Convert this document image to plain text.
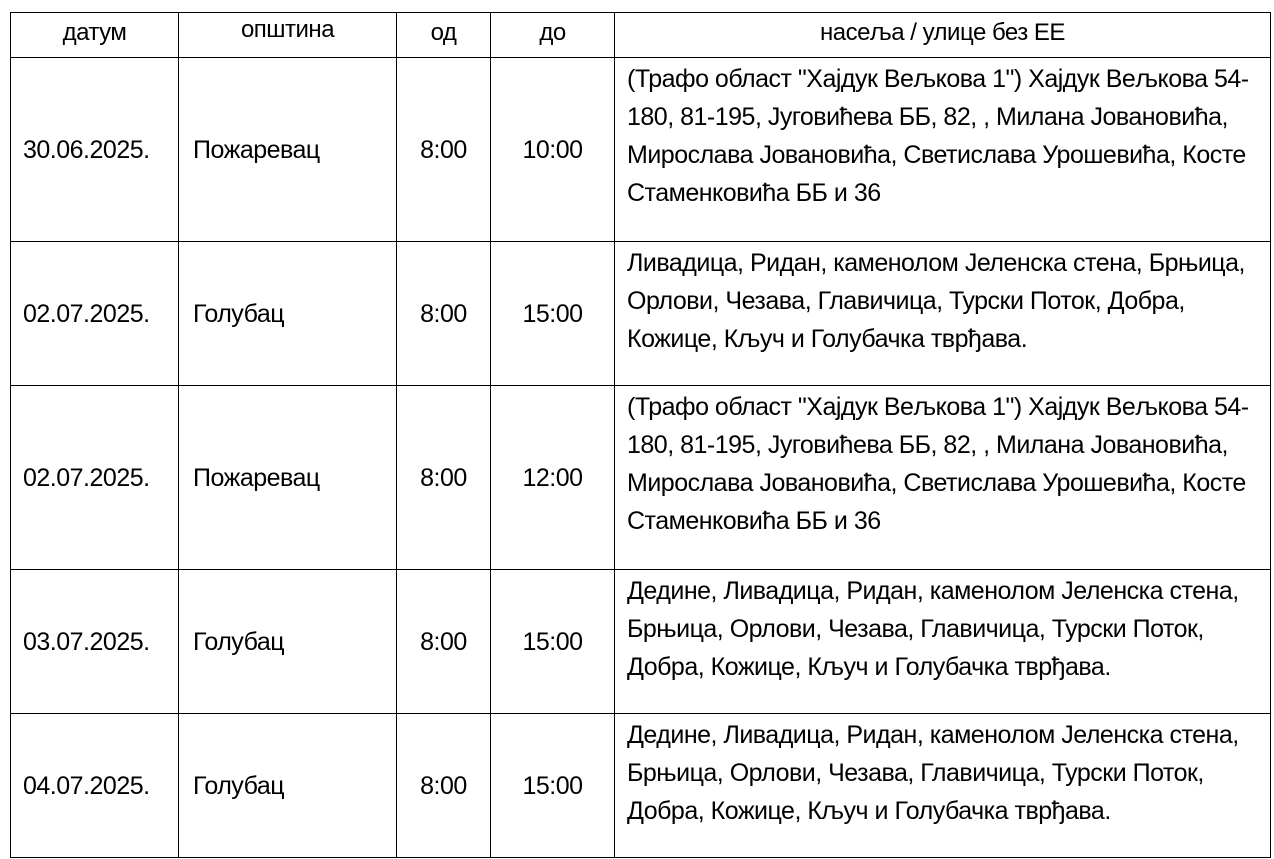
датум	општина	од	до	насеља / улице без ЕЕ
30.06.2025.	Пожаревац	8:00	10:00	(Трафо област "Хајдук Вељкова 1") Хајдук Вељкова 54-180, 81-195, Југовићева ББ, 82, , Милана Јовановића, Мирослава Јовановића, Светислава Урошевића, Косте Стаменковића ББ и 36
02.07.2025.	Голубац	8:00	15:00	Ливадица, Ридан, каменолом Јеленска стена, Брњица, Орлови, Чезава, Главичица, Турски Поток, Добра, Кожице, Кључ и Голубачка тврђава.
02.07.2025.	Пожаревац	8:00	12:00	(Трафо област "Хајдук Вељкова 1") Хајдук Вељкова 54-180, 81-195, Југовићева ББ, 82, , Милана Јовановића, Мирослава Јовановића, Светислава Урошевића, Косте Стаменковића ББ и 36
03.07.2025.	Голубац	8:00	15:00	Дедине, Ливадица, Ридан, каменолом Јеленска стена, Брњица, Орлови, Чезава, Главичица, Турски Поток, Добра, Кожице, Кључ и Голубачка тврђава.
04.07.2025.	Голубац	8:00	15:00	Дедине, Ливадица, Ридан, каменолом Јеленска стена, Брњица, Орлови, Чезава, Главичица, Турски Поток, Добра, Кожице, Кључ и Голубачка тврђава.
